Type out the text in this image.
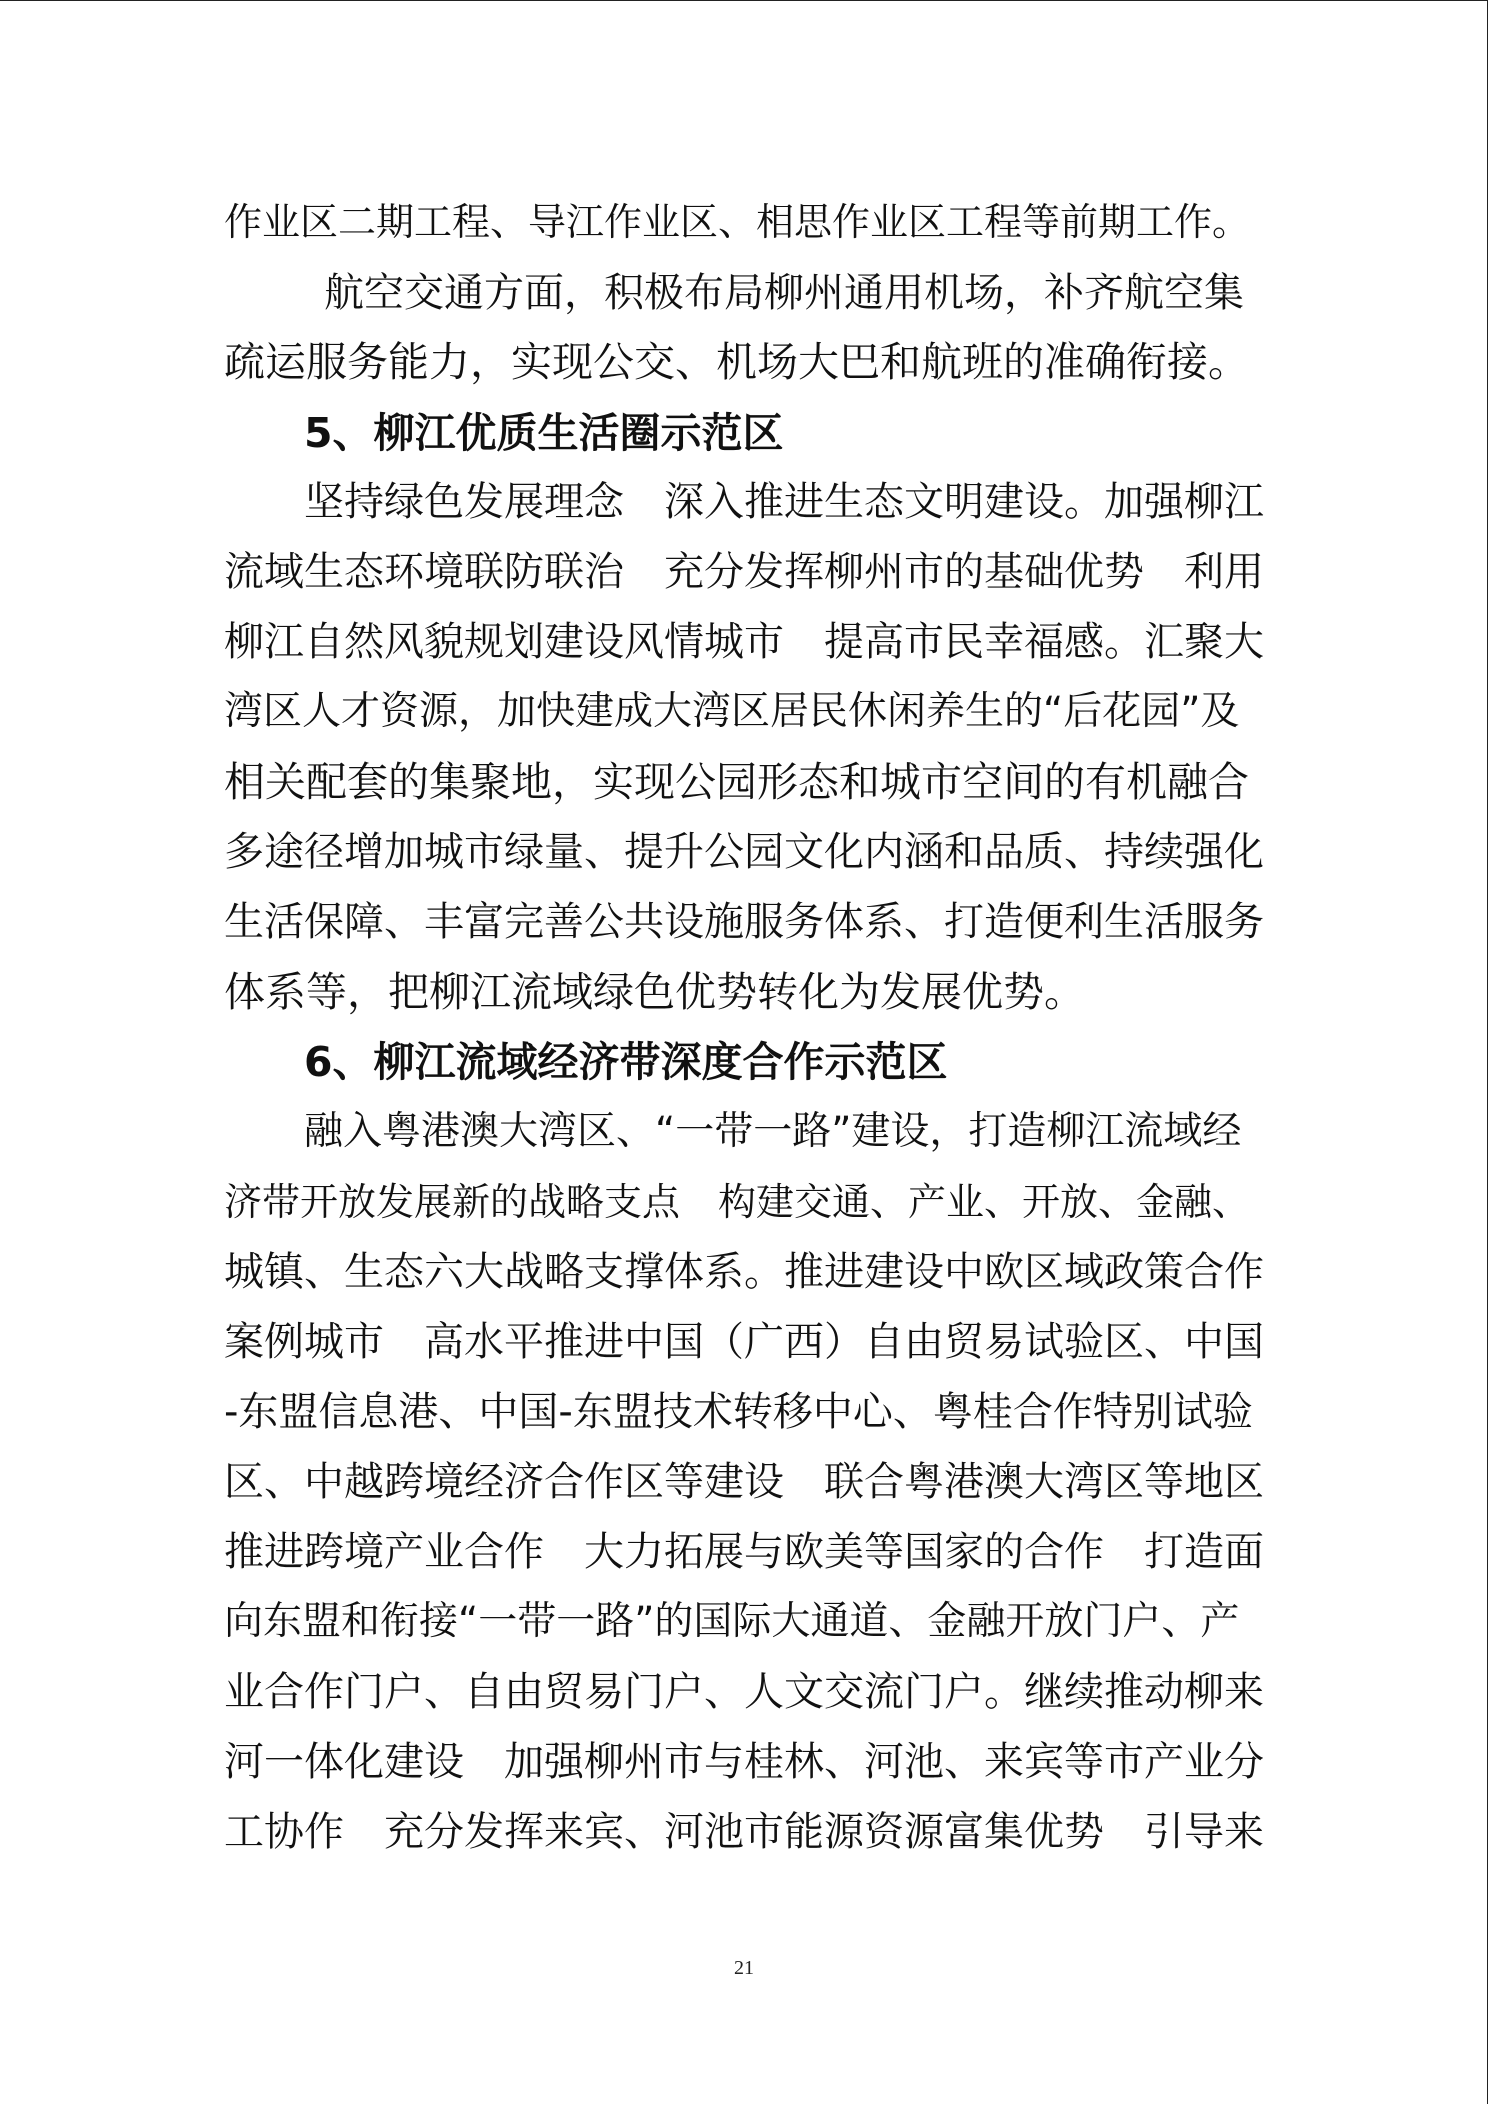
作业区二期工程、导江作业区、相思作业区工程等前期工作。
航空交通方面，积极布局柳州通用机场，补齐航空集
疏运服务能力，实现公交、机场大巴和航班的准确衔接。
5、柳江优质生活圈示范区
坚持绿色发展理念　深入推进生态文明建设。加强柳江
流域生态环境联防联治　充分发挥柳州市的基础优势　利用
柳江自然风貌规划建设风情城市　提高市民幸福感。汇聚大
湾区人才资源，加快建成大湾区居民休闲养生的“后花园”及
相关配套的集聚地，实现公园形态和城市空间的有机融合
多途径增加城市绿量、提升公园文化内涵和品质、持续强化
生活保障、丰富完善公共设施服务体系、打造便利生活服务
体系等，把柳江流域绿色优势转化为发展优势。
6、柳江流域经济带深度合作示范区
融入粤港澳大湾区、“一带一路”建设，打造柳江流域经
济带开放发展新的战略支点　构建交通、产业、开放、金融、
城镇、生态六大战略支撑体系。推进建设中欧区域政策合作
案例城市　高水平推进中国（广西）自由贸易试验区、中国
-东盟信息港、中国-东盟技术转移中心、粤桂合作特别试验
区、中越跨境经济合作区等建设　联合粤港澳大湾区等地区
推进跨境产业合作　大力拓展与欧美等国家的合作　打造面
向东盟和衔接“一带一路”的国际大通道、金融开放门户、产
业合作门户、自由贸易门户、人文交流门户。继续推动柳来
河一体化建设　加强柳州市与桂林、河池、来宾等市产业分
工协作　充分发挥来宾、河池市能源资源富集优势　引导来
21
